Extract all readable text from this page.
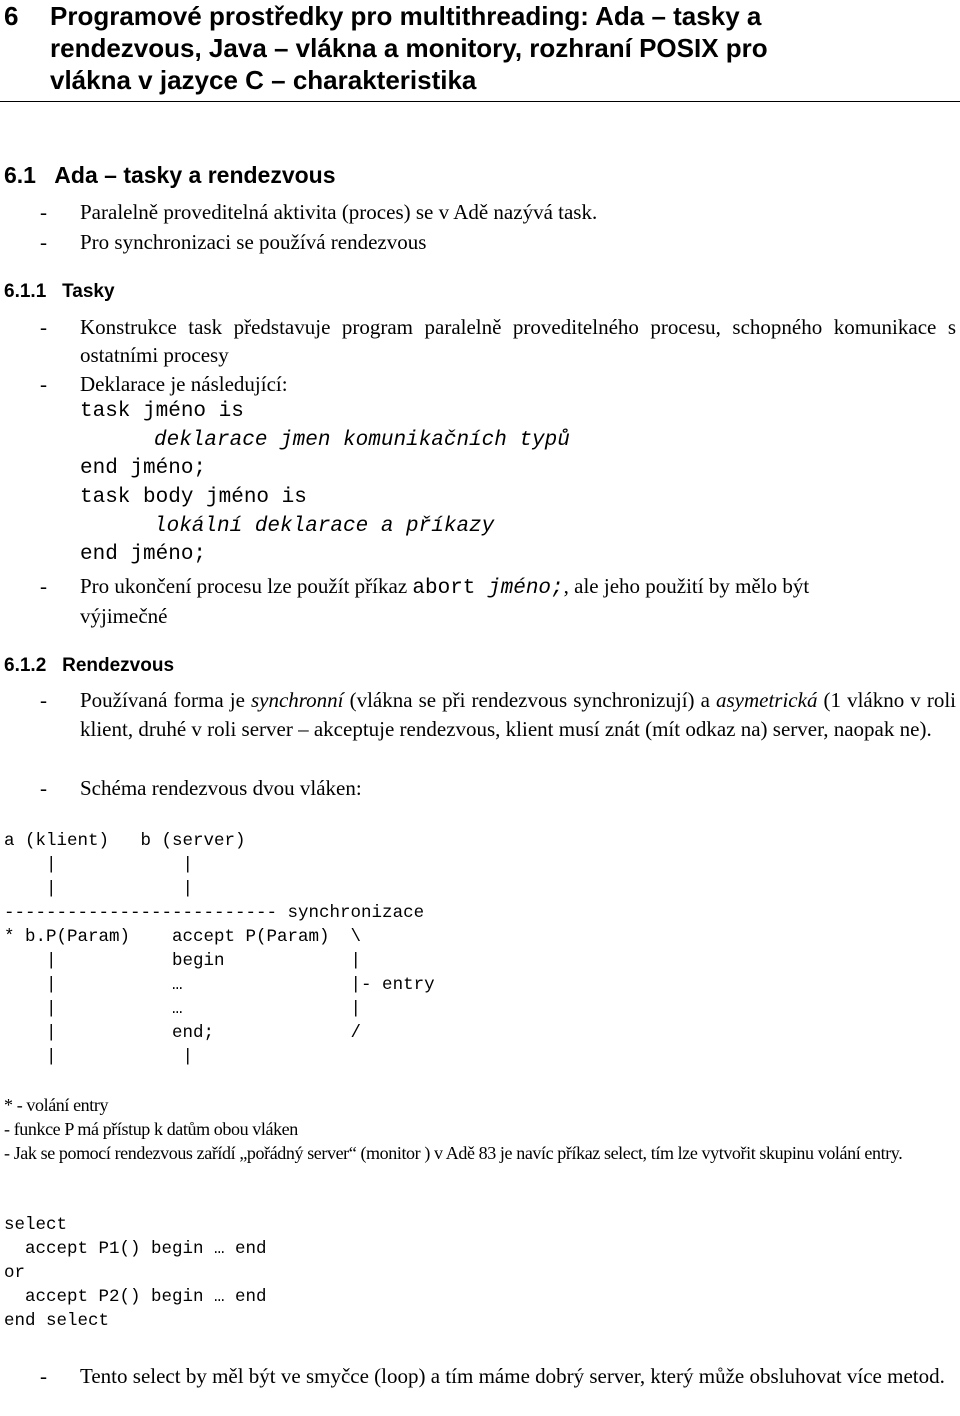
6 Programové prostředky pro multithreading: Ada – tasky a
rendezvous, Java – vlákna a monitory, rozhraní POSIX pro
vlákna v jazyce C – charakteristika
6.1   Ada – tasky a rendezvous
- Paralelně proveditelná aktivita (proces) se v Adě nazývá task.
- Pro synchronizaci se používá rendezvous
6.1.1   Tasky
- Konstrukce task představuje program paralelně proveditelného procesu, schopného komunikace s ostatními procesy
- Deklarace je následující:
task jméno is
deklarace jmen komunikačních typů
end jméno;
task body jméno is
lokální deklarace a příkazy
end jméno;
- Pro ukončení procesu lze použít příkaz abort jméno;, ale jeho použití by mělo být
výjimečné
6.1.2   Rendezvous
- Používaná forma je synchronní (vlákna se při rendezvous synchronizují) a asymetrická (1 vlákno v roli klient, druhé v roli server – akceptuje rendezvous, klient musí znát (mít odkaz na) server, naopak ne).
- Schéma rendezvous dvou vláken:
a (klient)   b (server)
|            |
|            |
-------------------------- synchronizace
* b.P(Param)    accept P(Param)  \
|           begin            |
|           …                |- entry
|           …                |
|           end;             /
|            |
* - volání entry
- funkce P má přístup k datům obou vláken
- Jak se pomocí rendezvous zařídí „pořádný server“ (monitor ) v Adě 83 je navíc příkaz select, tím lze vytvořit skupinu volání entry.
select
accept P1() begin … end
or
accept P2() begin … end
end select
- Tento select by měl být ve smyčce (loop) a tím máme dobrý server, který může obsluhovat více metod.
